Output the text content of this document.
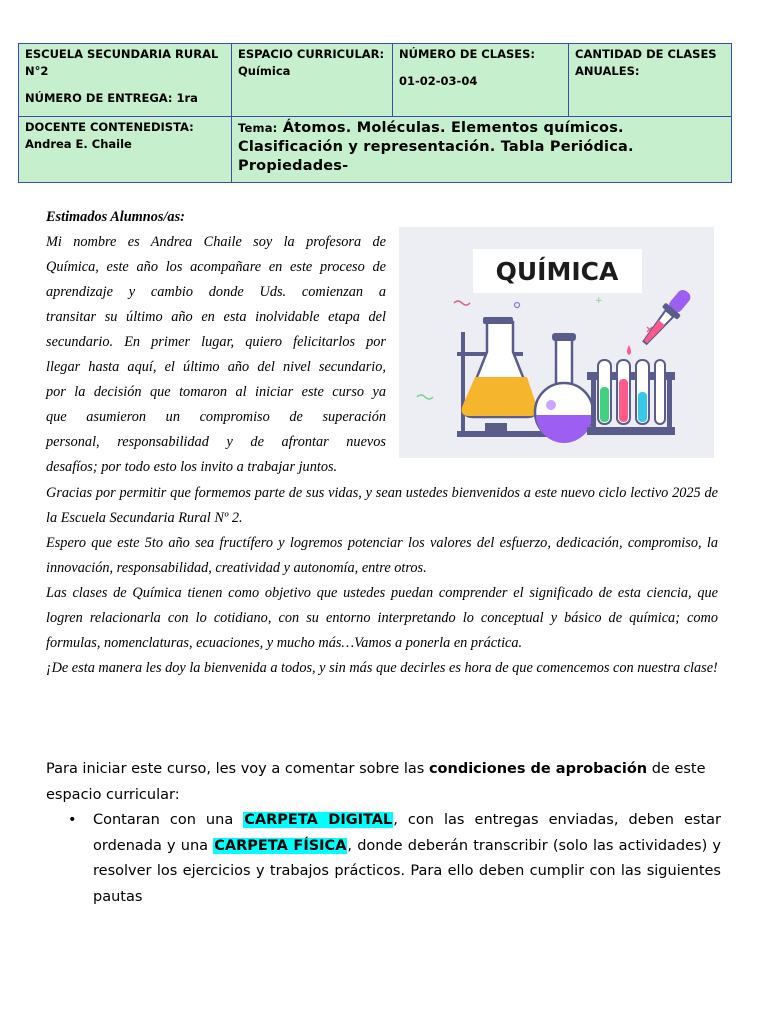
ESCUELA SECUNDARIA RURAL
N°2
NÚMERO DE ENTREGA: 1ra
ESPACIO CURRICULAR:
Química
NÚMERO DE CLASES:
01-02-03-04
CANTIDAD DE CLASES ANUALES:
DOCENTE CONTENEDISTA:
Andrea E. Chaile
Tema: Átomos. Moléculas. Elementos químicos.
Clasificación y representación. Tabla Periódica.
Propiedades-
Estimados Alumnos/as:
Mi nombre es Andrea Chaile soy la profesora de
Química, este año los acompañare en este proceso de
aprendizaje y cambio donde Uds. comienzan a
transitar su último año en esta inolvidable etapa del
secundario. En primer lugar, quiero felicitarlos por
llegar hasta aquí, el último año del nivel secundario,
por la decisión que tomaron al iniciar este curso ya
que asumieron un compromiso de superación
personal, responsabilidad y de afrontar nuevos
desafíos; por todo esto los invito a trabajar juntos.
QUÍMICA
+

Gracias por permitir que formemos parte de sus vidas, y sean ustedes bienvenidos a este nuevo ciclo lectivo 2025 de la Escuela Secundaria Rural Nº 2.

Espero que este 5to año sea fructífero y logremos potenciar los valores del esfuerzo, dedicación, compromiso, la innovación, responsabilidad, creatividad y autonomía, entre otros.

Las clases de Química tienen como objetivo que ustedes puedan comprender el significado de esta ciencia, que logren relacionarla con lo cotidiano, con su entorno interpretando lo conceptual y básico de química; como formulas, nomenclaturas, ecuaciones, y mucho más…Vamos a ponerla en práctica.

¡De esta manera les doy la bienvenida a todos, y sin más que decirles es hora de que comencemos con nuestra clase!

Para iniciar este curso, les voy a comentar sobre las condiciones de aprobación de este espacio curricular:

• Contaran con una CARPETA DIGITAL, con las entregas enviadas, deben estar ordenada y una CARPETA FÍSICA, donde deberán transcribir (solo las actividades) y resolver los ejercicios y trabajos prácticos. Para ello deben cumplir con las siguientes pautas
